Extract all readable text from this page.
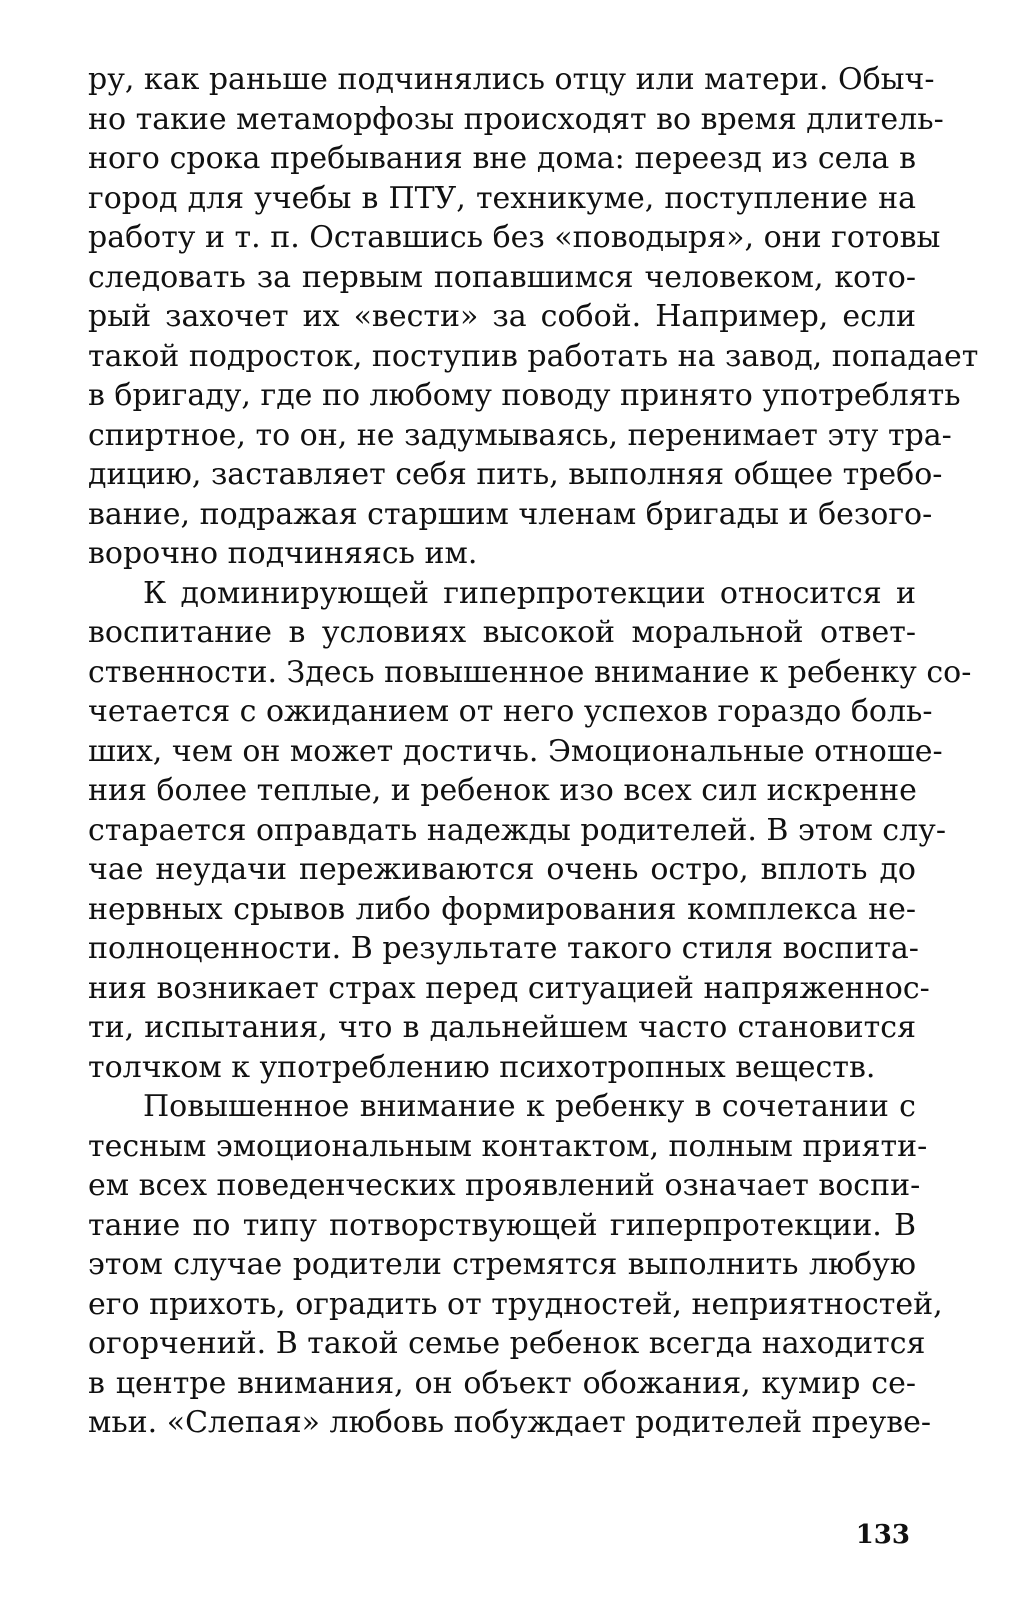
ру, как раньше подчинялись отцу или матери. Обыч-
но такие метаморфозы происходят во время длитель-
ного срока пребывания вне дома: переезд из села в
город для учебы в ПТУ, техникуме, поступление на
работу и т. п. Оставшись без «поводыря», они готовы
следовать за первым попавшимся человеком, кото-
рый захочет их «вести» за собой. Например, если
такой подросток, поступив работать на завод, попадает
в бригаду, где по любому поводу принято употреблять
спиртное, то он, не задумываясь, перенимает эту тра-
дицию, заставляет себя пить, выполняя общее требо-
вание, подражая старшим членам бригады и безого-
ворочно подчиняясь им.
К доминирующей гиперпротекции относится и
воспитание в условиях высокой моральной ответ-
ственности. Здесь повышенное внимание к ребенку со-
четается с ожиданием от него успехов гораздо боль-
ших, чем он может достичь. Эмоциональные отноше-
ния более теплые, и ребенок изо всех сил искренне
старается оправдать надежды родителей. В этом слу-
чае неудачи переживаются очень остро, вплоть до
нервных срывов либо формирования комплекса не-
полноценности. В результате такого стиля воспита-
ния возникает страх перед ситуацией напряженнос-
ти, испытания, что в дальнейшем часто становится
толчком к употреблению психотропных веществ.
Повышенное внимание к ребенку в сочетании с
тесным эмоциональным контактом, полным прияти-
ем всех поведенческих проявлений означает воспи-
тание по типу потворствующей гиперпротекции. В
этом случае родители стремятся выполнить любую
его прихоть, оградить от трудностей, неприятностей,
огорчений. В такой семье ребенок всегда находится
в центре внимания, он объект обожания, кумир се-
мьи. «Слепая» любовь побуждает родителей преуве-
133
